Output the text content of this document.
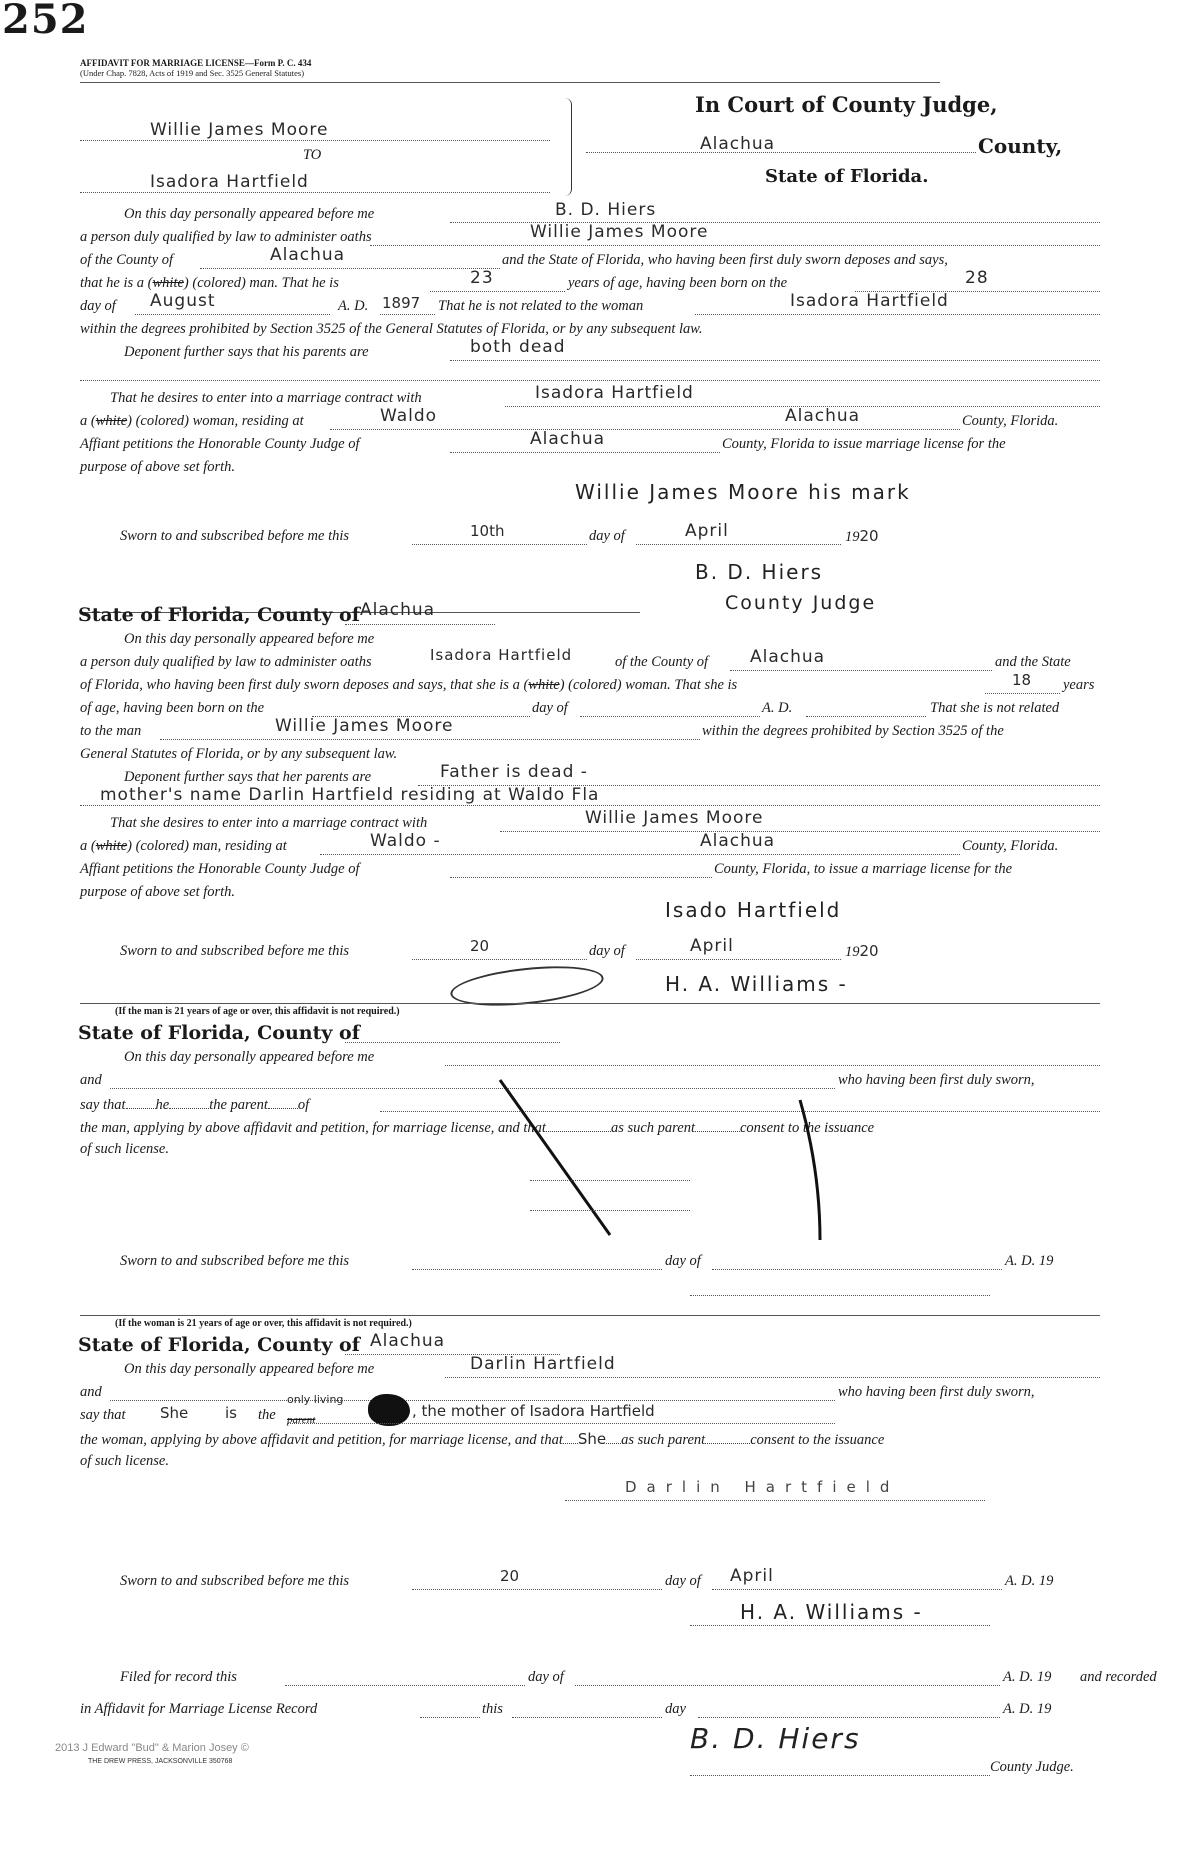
252
AFFIDAVIT FOR MARRIAGE LICENSE—Form P. C. 434
(Under Chap. 7828, Acts of 1919 and Sec. 3525 General Statutes)
In Court of County Judge,
Willie James Moore
TO
Alachua	County,
State of Florida.
Isadora Hartfield
On this day personally appeared before me	B. D. Hiers
a person duly qualified by law to administer oaths	Willie James Moore
of the County of	Alachua	and the State of Florida, who having been first duly sworn deposes and says,
that he is a (white) (colored) man. That he is	23	years of age, having been born on the	28
day of August	A. D. 1897 That he is not related to the woman	Isadora Hartfield
within the degrees prohibited by Section 3525 of the General Statutes of Florida, or by any subsequent law.
Deponent further says that his parents are	both dead
That he desires to enter into a marriage contract with	Isadora Hartfield
a (white) (colored) woman, residing at	Waldo	Alachua	County, Florida.
Affiant petitions the Honorable County Judge of	Alachua	County, Florida to issue marriage license for the
purpose of above set forth.
Willie James Moore his mark
Sworn to and subscribed before me this	10th	day of	April	1920
B. D. Hiers
County Judge
State of Florida, County of Alachua
On this day personally appeared before me
a person duly qualified by law to administer oaths	Isadora Hartfield	of the County of Alachua	and the State
of Florida, who having been first duly sworn deposes and says, that she is a (white) (colored) woman. That she is	18 years
of age, having been born on the	day of	A. D.	That she is not related
to the man	Willie James Moore	within the degrees prohibited by Section 3525 of the
General Statutes of Florida, or by any subsequent law.
Deponent further says that her parents are	Father is dead -
mother's name Darlin Hartfield residing at Waldo Fla
That she desires to enter into a marriage contract with	Willie James Moore
a (white) (colored) man, residing at	Waldo -	Alachua	County, Florida.
Affiant petitions the Honorable County Judge of	County, Florida, to issue a marriage license for the
purpose of above set forth.
Isado Hartfield
Sworn to and subscribed before me this	20	day of	April	1920
H. A. Williams -
(If the man is 21 years of age or over, this affidavit is not required.)
State of Florida, County of
On this day personally appeared before me
and	who having been first duly sworn,
say that he	the parent of
the man, applying by above affidavit and petition, for marriage license, and that	as such parent	consent to the issuance
of such license.
Sworn to and subscribed before me this	day of	A. D. 19
(If the woman is 21 years of age or over, this affidavit is not required.)
State of Florida, County of Alachua
On this day personally appeared before me	Darlin Hartfield
and	who having been first duly sworn,
say that She is the parent
only living
, the mother of Isadora Hartfield
the woman, applying by above affidavit and petition, for marriage license, and that She as such parent	consent to the issuance
of such license.
Darlin Hartfield
Sworn to and subscribed before me this	20	day of April	A. D. 19
H. A. Williams -
Filed for record this	day of	A. D. 19 and recorded
in Affidavit for Marriage License Record	this	day	A. D. 19
2013 J Edward "Bud" & Marion Josey ©
THE DREW PRESS, JACKSONVILLE 350768
B. D. Hiers
County Judge.
